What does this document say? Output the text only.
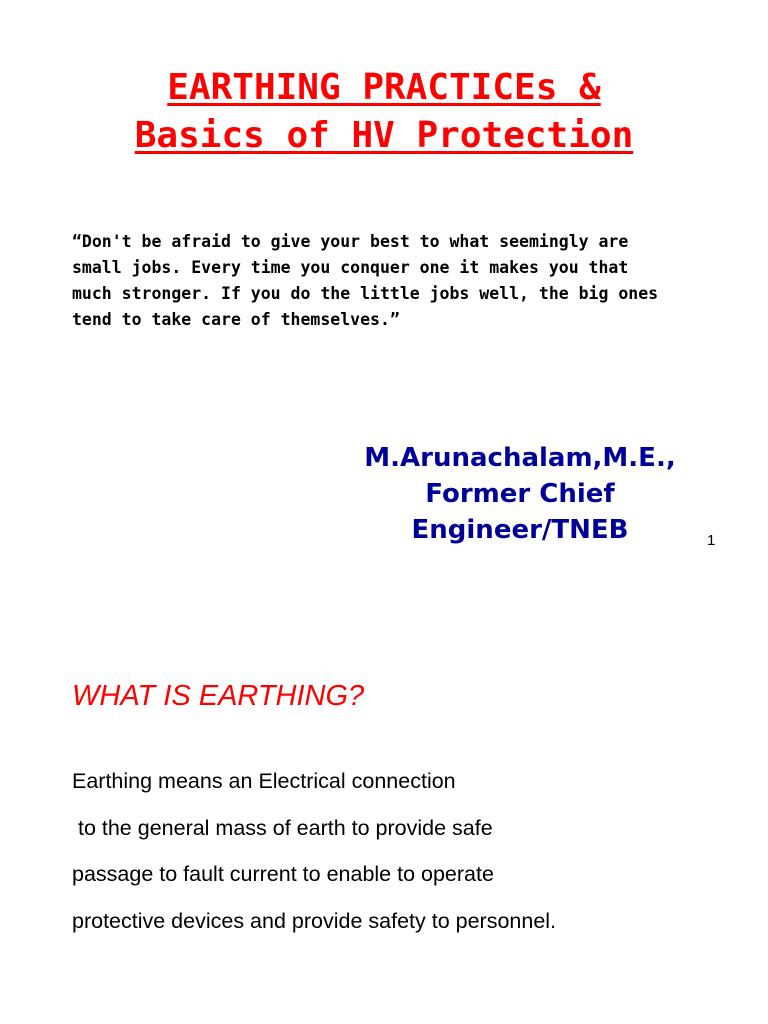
EARTHING PRACTICEs &
Basics of HV Protection
“Don't be afraid to give your best to what seemingly are
small jobs. Every time you conquer one it makes you that
much stronger. If you do the little jobs well, the big ones
tend to take care of themselves.”
M.Arunachalam,M.E.,
Former Chief
Engineer/TNEB	1
WHAT IS EARTHING?
Earthing means an Electrical connection
to the general mass of earth to provide safe
passage to fault current to enable to operate
protective devices and provide safety to personnel.
